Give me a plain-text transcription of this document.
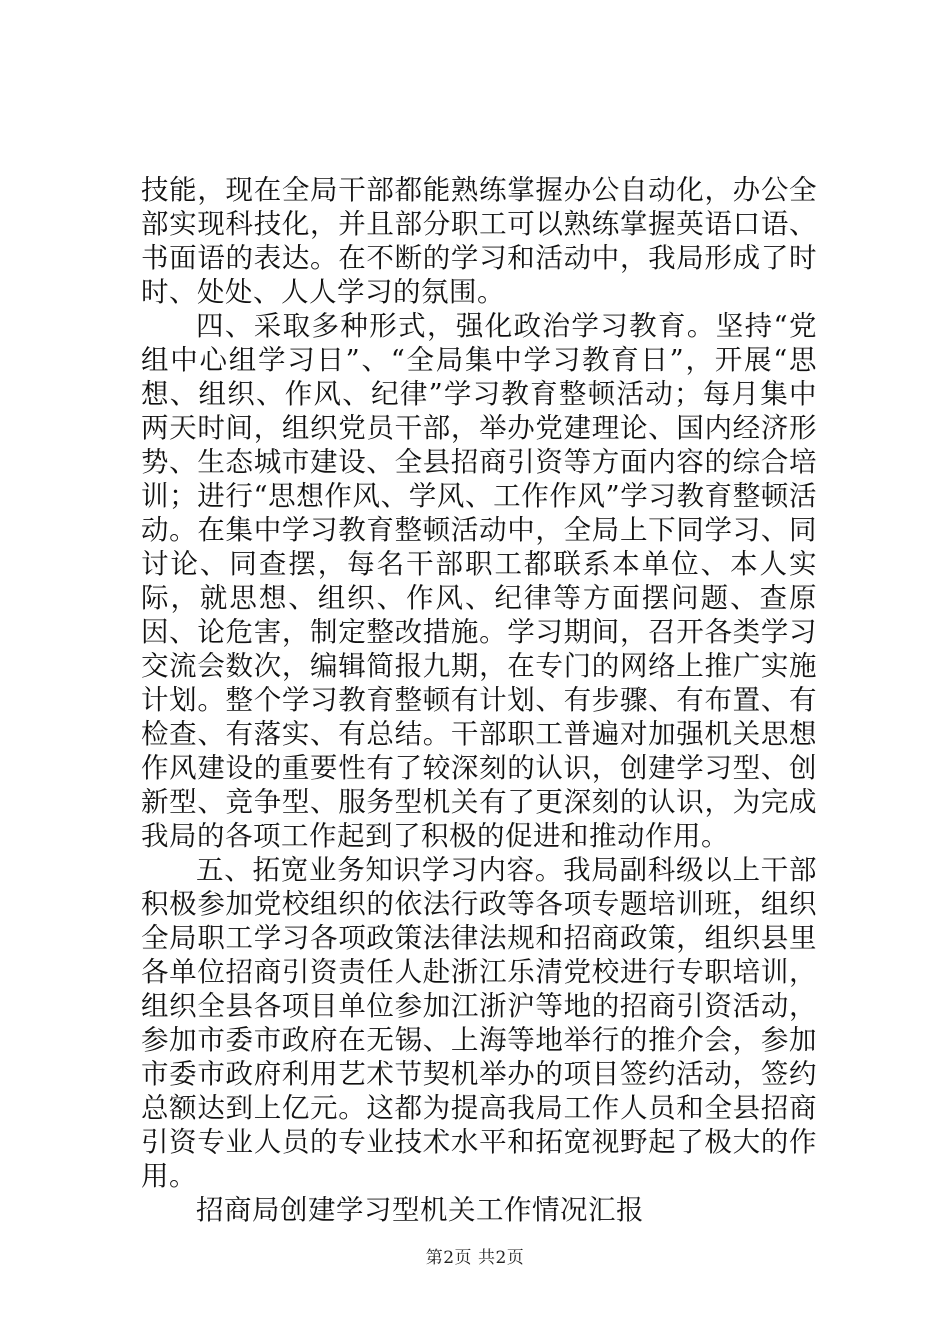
技能，现在全局干部都能熟练掌握办公自动化，办公全部实现科技化，并且部分职工可以熟练掌握英语口语、书面语的表达。在不断的学习和活动中，我局形成了时时、处处、人人学习的氛围。

四、采取多种形式，强化政治学习教育。坚持“党组中心组学习日”、“全局集中学习教育日”，开展“思想、组织、作风、纪律”学习教育整顿活动；每月集中两天时间，组织党员干部，举办党建理论、国内经济形势、生态城市建设、全县招商引资等方面内容的综合培训；进行“思想作风、学风、工作作风”学习教育整顿活动。在集中学习教育整顿活动中，全局上下同学习、同讨论、同查摆，每名干部职工都联系本单位、本人实际，就思想、组织、作风、纪律等方面摆问题、查原因、论危害，制定整改措施。学习期间，召开各类学习交流会数次，编辑简报九期，在专门的网络上推广实施计划。整个学习教育整顿有计划、有步骤、有布置、有检查、有落实、有总结。干部职工普遍对加强机关思想作风建设的重要性有了较深刻的认识，创建学习型、创新型、竞争型、服务型机关有了更深刻的认识，为完成我局的各项工作起到了积极的促进和推动作用。

五、拓宽业务知识学习内容。我局副科级以上干部积极参加党校组织的依法行政等各项专题培训班，组织全局职工学习各项政策法律法规和招商政策，组织县里各单位招商引资责任人赴浙江乐清党校进行专职培训，组织全县各项目单位参加江浙沪等地的招商引资活动，参加市委市政府在无锡、上海等地举行的推介会，参加市委市政府利用艺术节契机举办的项目签约活动，签约总额达到上亿元。这都为提高我局工作人员和全县招商引资专业人员的专业技术水平和拓宽视野起了极大的作用。

招商局创建学习型机关工作情况汇报

第2页 共2页
